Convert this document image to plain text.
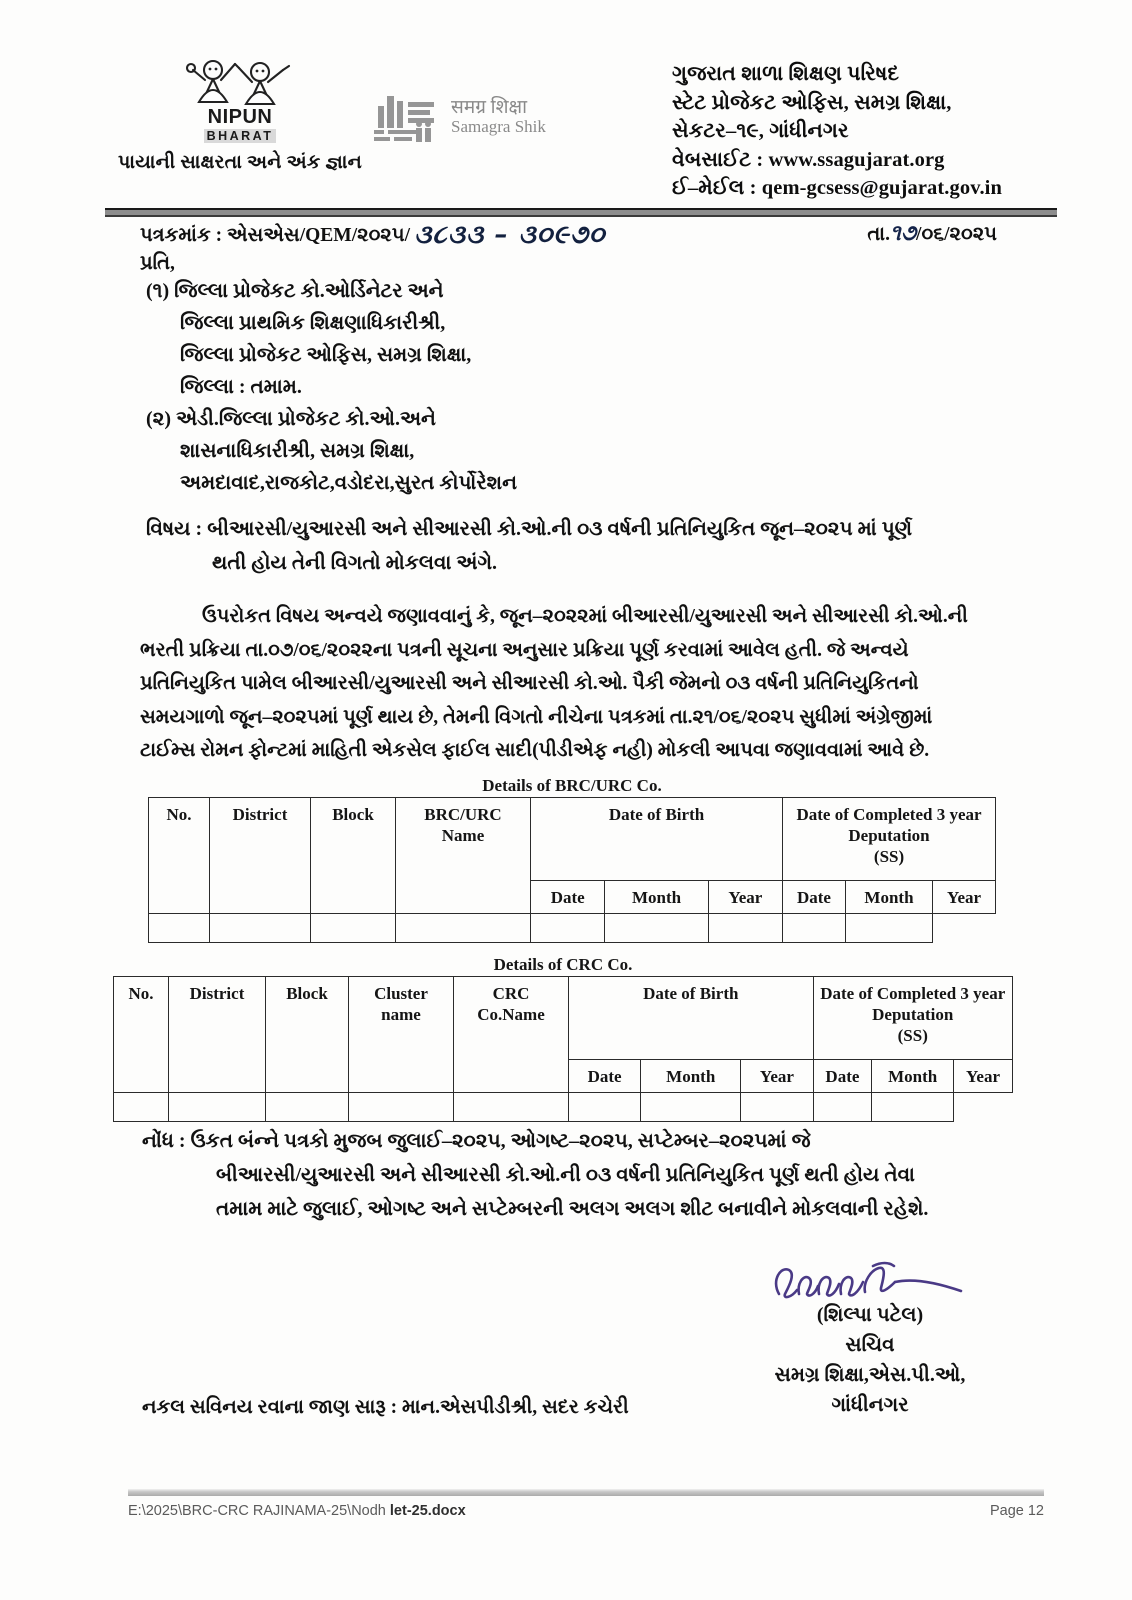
NIPUN
BHARAT
પાયાની સાક્ષરતા અને અંક જ્ઞાન
समग्र शिक्षा
Samagra Shik
ગુજરાત શાળા શિક્ષણ પરિષદ
સ્ટેટ પ્રોજેકટ ઓફિસ, સમગ્ર શિક્ષા,
સેકટર–૧૯, ગાંધીનગર
વેબસાઈટ : www.ssagujarat.org
ઈ–મેઈલ : qem-gcsess@gujarat.gov.in
પત્રકમાંક : એસએસ/QEM/૨૦૨૫/ ૩૮૩૩ – ૩૦૯૭૦	તા.૧૭/૦૬/૨૦૨૫
પ્રતિ,
(૧) જિલ્લા પ્રોજેકટ કો.ઓર્ડિનેટર અને
જિલ્લા પ્રાથમિક શિક્ષણાધિકારીશ્રી,
જિલ્લા પ્રોજેકટ ઓફિસ, સમગ્ર શિક્ષા,
જિલ્લા : તમામ.
(૨) એડી.જિલ્લા પ્રોજેકટ કો.ઓ.અને
શાસનાધિકારીશ્રી, સમગ્ર શિક્ષા,
અમદાવાદ,રાજકોટ,વડોદરા,સુરત કોર્પોરેશન
વિષય : બીઆરસી/યુઆરસી અને સીઆરસી કો.ઓ.ની ૦૩ વર્ષની પ્રતિનિયુકિત જૂન–૨૦૨૫ માં પૂર્ણ
થતી હોય તેની વિગતો મોકલવા અંગે.
ઉપરોકત વિષય અન્વયે જણાવવાનું કે, જૂન–૨૦૨૨માં બીઆરસી/યુઆરસી અને સીઆરસી કો.ઓ.ની
ભરતી પ્રક્રિયા તા.૦૭/૦૬/૨૦૨૨ના પત્રની સૂચના અનુસાર પ્રક્રિયા પૂર્ણ કરવામાં આવેલ હતી. જે અન્વયે
પ્રતિનિયુકિત પામેલ બીઆરસી/યુઆરસી અને સીઆરસી કો.ઓ. પૈકી જેમનો ૦૩ વર્ષની પ્રતિનિયુકિતનો
સમયગાળો જૂન–૨૦૨૫માં પૂર્ણ થાય છે, તેમની વિગતો નીચેના પત્રકમાં તા.૨૧/૦૬/૨૦૨૫ સુધીમાં અંગ્રેજીમાં
ટાઈમ્સ રોમન ફોન્ટમાં માહિતી એકસેલ ફાઈલ સાદી(પીડીએફ નહી) મોકલી આપવા જણાવવામાં આવે છે.
Details of BRC/URC Co.
No.	District	Block	BRC/URC
Name
	Date of Birth	Date of Completed 3 year
Deputation
(SS)

				Date	Month	Year	Date	Month	Year

Details of CRC Co.
No.	District	Block	Cluster
name

CRC
Co.Name
	Date of Birth	Date of Completed 3 year
Deputation
(SS)

					Date	Month	Year	Date	Month	Year

નોંધ : ઉકત બંન્ને પત્રકો મુજબ જુલાઈ–૨૦૨૫, ઓગષ્ટ–૨૦૨૫, સપ્ટેમ્બર–૨૦૨૫માં જે
બીઆરસી/યુઆરસી અને સીઆરસી કો.ઓ.ની ૦૩ વર્ષની પ્રતિનિયુકિત પૂર્ણ થતી હોય તેવા
તમામ માટે જુલાઈ, ઓગષ્ટ અને સપ્ટેમ્બરની અલગ અલગ શીટ બનાવીને મોકલવાની રહેશે.
(શિલ્પા પટેલ)
સચિવ
સમગ્ર શિક્ષા,એસ.પી.ઓ,
ગાંધીનગર
નકલ સવિનય રવાના જાણ સારૂ : માન.એસપીડીશ્રી, સદર કચેરી
E:\2025\BRC-CRC RAJINAMA-25\Nodh let-25.docx	Page 12
